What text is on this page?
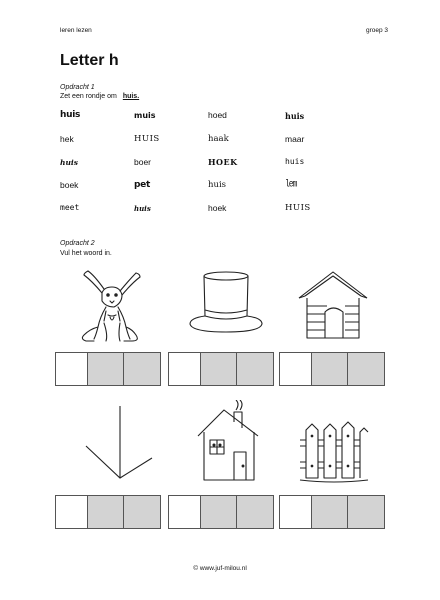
leren lezen	groep 3
Letter h
Opdracht 1
Zet een rondje om huis.
huis	muis	hoed	huis
hek	HUIS	haak	maar
huis	boer	HOEK	huis
boek	pet	huis	lem
meet	huis	hoek	HUIS
Opdracht 2
Vul het woord in.
© www.juf-milou.nl
